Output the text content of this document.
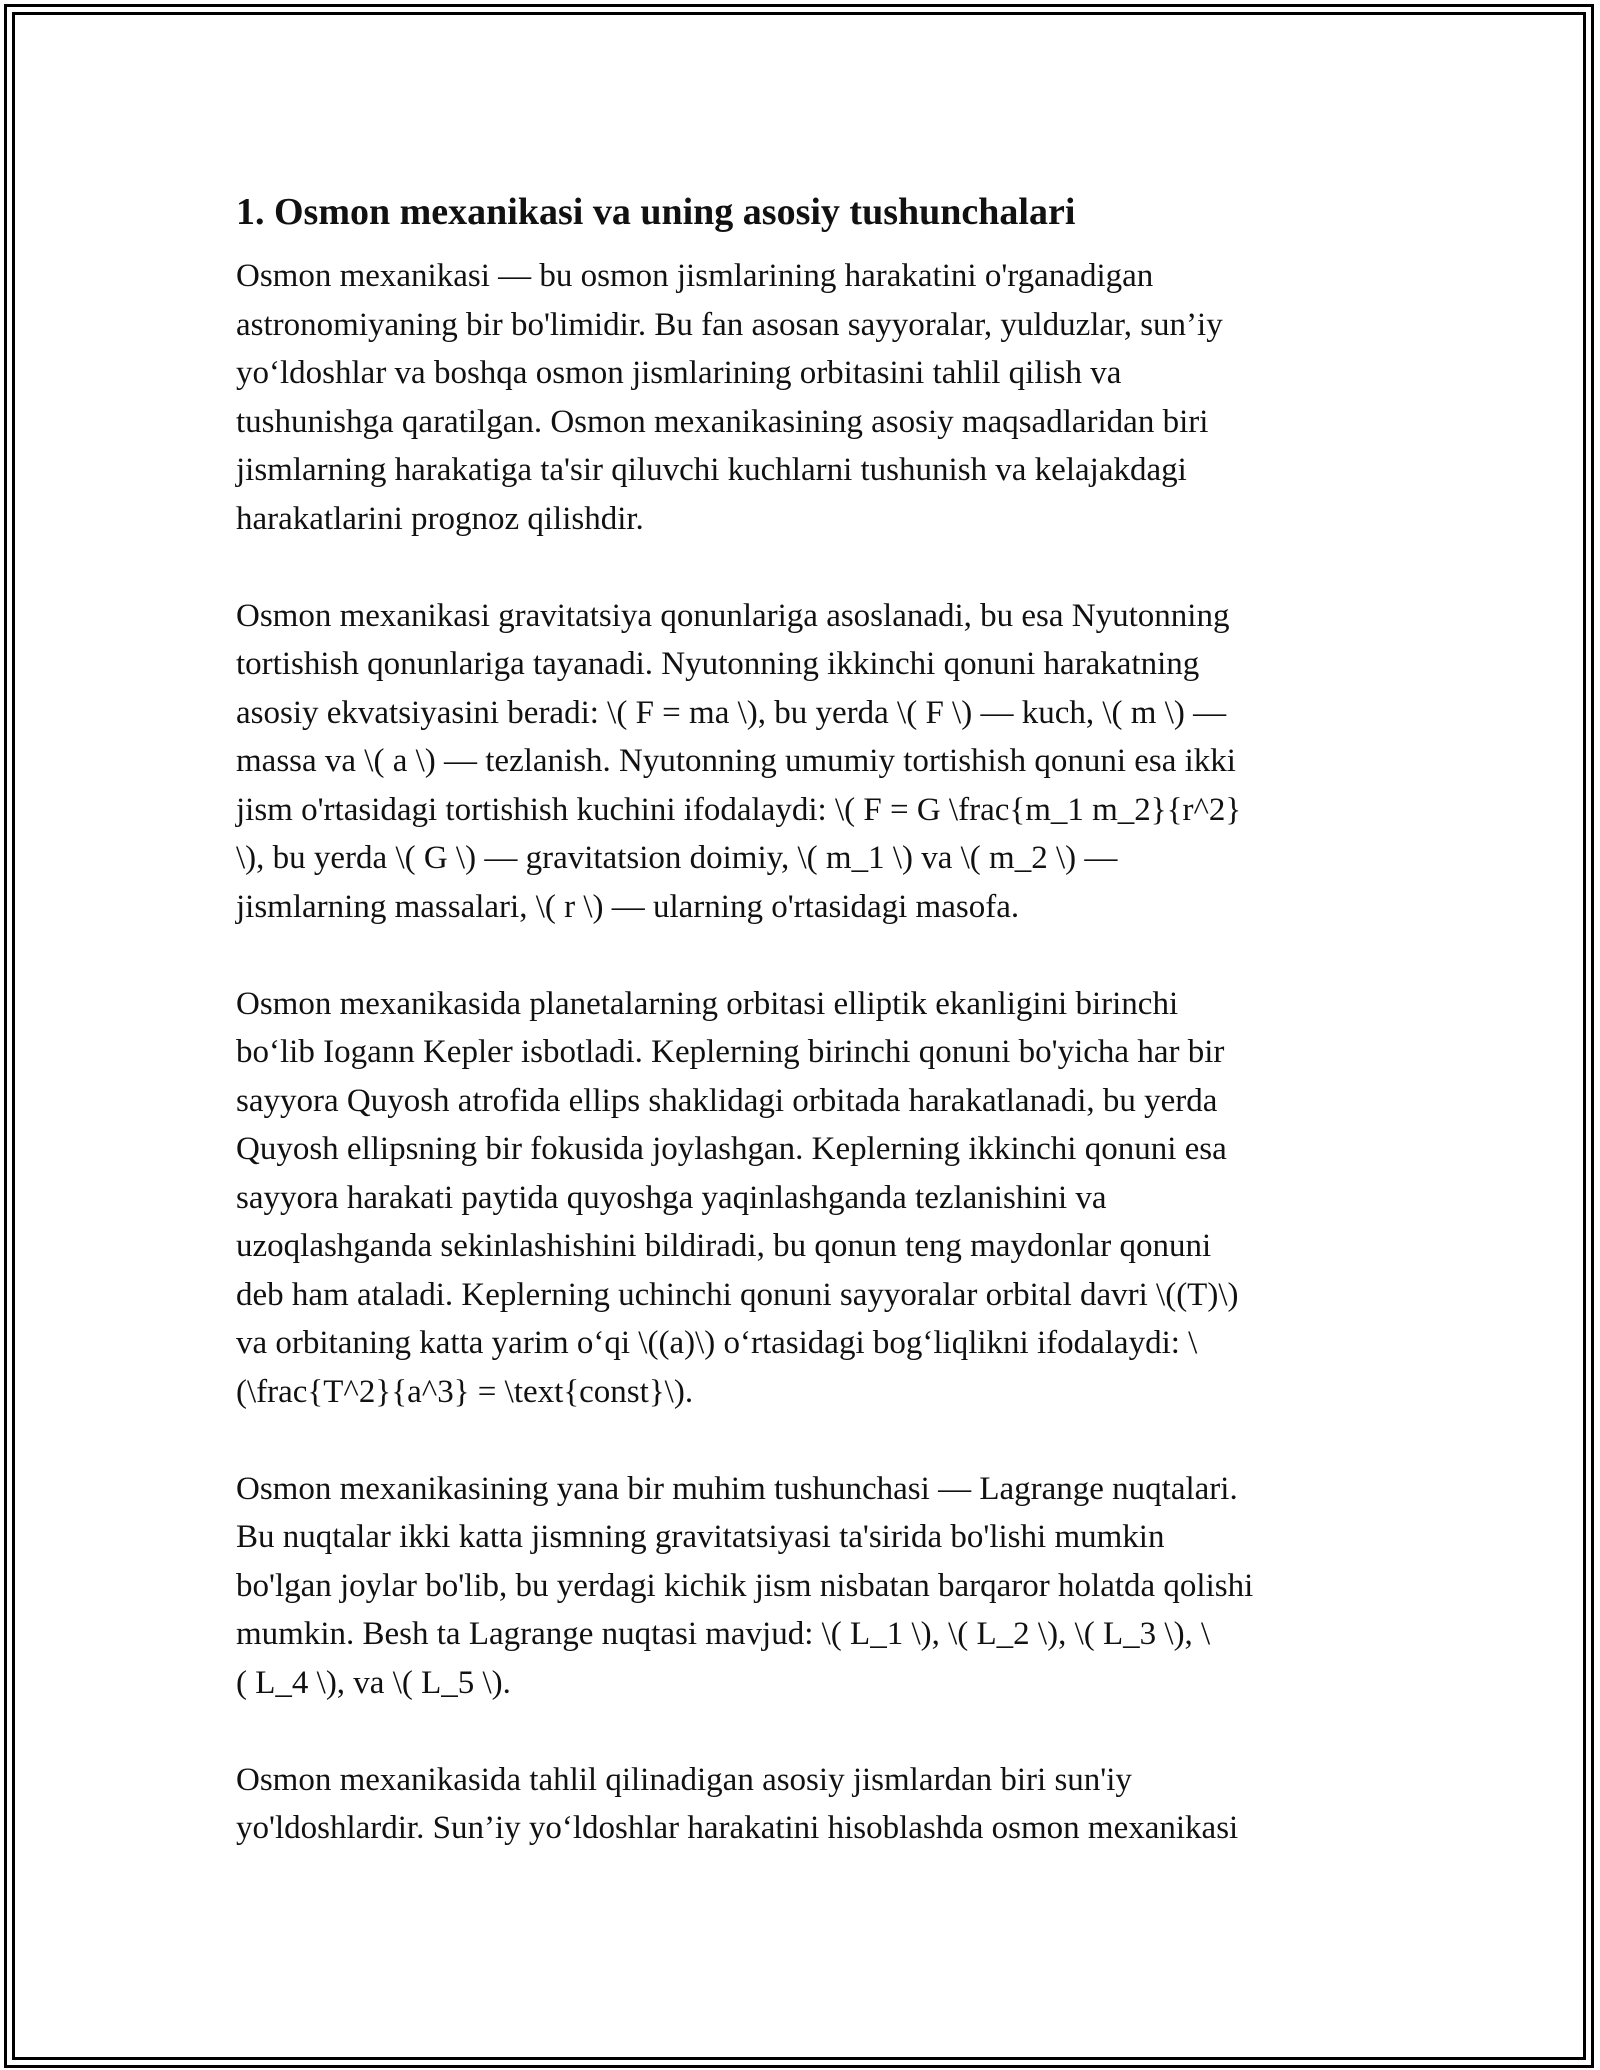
1. Osmon mexanikasi va uning asosiy tushunchalari

Osmon mexanikasi — bu osmon jismlarining harakatini o'rganadigan
astronomiyaning bir bo'limidir. Bu fan asosan sayyoralar, yulduzlar, sun’iy
yo‘ldoshlar va boshqa osmon jismlarining orbitasini tahlil qilish va
tushunishga qaratilgan. Osmon mexanikasining asosiy maqsadlaridan biri
jismlarning harakatiga ta'sir qiluvchi kuchlarni tushunish va kelajakdagi
harakatlarini prognoz qilishdir.

Osmon mexanikasi gravitatsiya qonunlariga asoslanadi, bu esa Nyutonning
tortishish qonunlariga tayanadi. Nyutonning ikkinchi qonuni harakatning
asosiy ekvatsiyasini beradi: \( F = ma \), bu yerda \( F \) — kuch, \( m \) —
massa va \( a \) — tezlanish. Nyutonning umumiy tortishish qonuni esa ikki
jism o'rtasidagi tortishish kuchini ifodalaydi: \( F = G \frac{m_1 m_2}{r^2}
\), bu yerda \( G \) — gravitatsion doimiy, \( m_1 \) va \( m_2 \) —
jismlarning massalari, \( r \) — ularning o'rtasidagi masofa.

Osmon mexanikasida planetalarning orbitasi elliptik ekanligini birinchi
bo‘lib Iogann Kepler isbotladi. Keplerning birinchi qonuni bo'yicha har bir
sayyora Quyosh atrofida ellips shaklidagi orbitada harakatlanadi, bu yerda
Quyosh ellipsning bir fokusida joylashgan. Keplerning ikkinchi qonuni esa
sayyora harakati paytida quyoshga yaqinlashganda tezlanishini va
uzoqlashganda sekinlashishini bildiradi, bu qonun teng maydonlar qonuni
deb ham ataladi. Keplerning uchinchi qonuni sayyoralar orbital davri \((T)\)
va orbitaning katta yarim o‘qi \((a)\) o‘rtasidagi bog‘liqlikni ifodalaydi: \
(\frac{T^2}{a^3} = \text{const}\).

Osmon mexanikasining yana bir muhim tushunchasi — Lagrange nuqtalari.
Bu nuqtalar ikki katta jismning gravitatsiyasi ta'sirida bo'lishi mumkin
bo'lgan joylar bo'lib, bu yerdagi kichik jism nisbatan barqaror holatda qolishi
mumkin. Besh ta Lagrange nuqtasi mavjud: \( L_1 \), \( L_2 \), \( L_3 \), \
( L_4 \), va \( L_5 \).

Osmon mexanikasida tahlil qilinadigan asosiy jismlardan biri sun'iy
yo'ldoshlardir. Sun’iy yo‘ldoshlar harakatini hisoblashda osmon mexanikasi
